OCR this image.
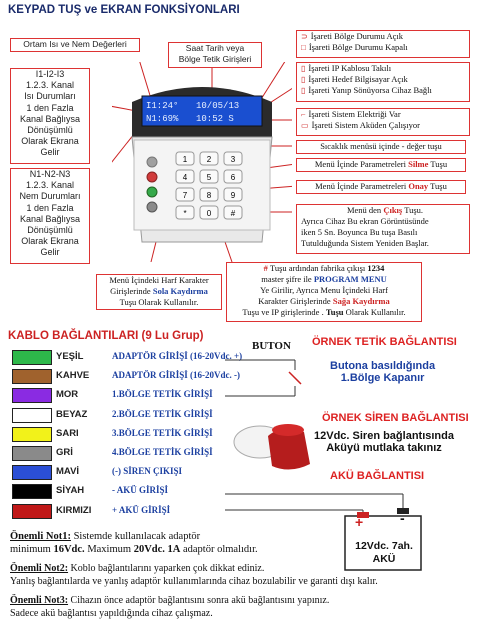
KEYPAD TUŞ ve EKRAN FONKSİYONLARI
Ortam Isı ve Nem Değerleri	Saat Tarih veya
Bölge Tetik Girişleri
I1-I2-I3
1.2.3. Kanal
Isı Durumları
1 den Fazla
Kanal Bağlıysa
Dönüşümlü
Olarak Ekrana
Gelir
N1-N2-N3
1.2.3. Kanal
Nem Durumları
1 den Fazla
Kanal Bağlıysa
Dönüşümlü
Olarak Ekrana
Gelir
⊃ İşareti Bölge Durumu Açık
□ İşareti Bölge Durumu Kapalı
▯ İşareti IP Kablosu Takılı
▯ İşareti Hedef Bilgisayar Açık
▯ İşareti Yanıp Sönüyorsa Cihaz Bağlı
⌐ İşareti Sistem Elektriği Var
▭ İşareti Sistem Aküden Çalışıyor
Sıcaklık menüsü içinde - değer tuşu
Menü İçinde Parametreleri Silme Tuşu
Menü İçinde Parametreleri Onay Tuşu
Menü den Çıkış Tuşu.
Ayrıca Cihaz Bu ekran Görüntüsünde
iken 5 Sn. Boyunca Bu tuşa Basılı
Tutulduğunda Sistem Yeniden Başlar.
Menü İçindeki Harf Karakter
Girişlerinde Sola Kaydırma
Tuşu Olarak Kullanılır.
# Tuşu ardından fabrika çıkışı 1234
master şifre ile PROGRAM MENU
Ye Girilir, Ayrıca Menu İçindeki Harf
Karakter Girişlerinde Sağa Kaydırma
Tuşu ve IP girişlerinde . Tuşu Olarak Kullanılır.
I1:24° 10/05/13
N1:69% 10:52 S
1 2 3
4 5 6
7 8 9
*	0 #
KABLO BAĞLANTILARI (9 Lu Grup)
YEŞİL	ADAPTÖR GİRİŞİ (16-20Vdc. +)
KAHVE	ADAPTÖR GİRİŞİ (16-20Vdc. -)
MOR	1.BÖLGE TETİK GİRİŞİ
BEYAZ	2.BÖLGE TETİK GİRİŞİ
SARI	3.BÖLGE TETİK GİRİŞİ
GRİ	4.BÖLGE TETİK GİRİŞİ
MAVİ	(-) SİREN ÇIKIŞI
SİYAH	- AKÜ GİRİŞİ
KIRMIZI + AKÜ GİRİŞİ
ÖRNEK TETİK BAĞLANTISI
BUTON
Butona basıldığında
1.Bölge Kapanır
ÖRNEK SİREN BAĞLANTISI
12Vdc. Siren bağlantısında
Aküyü mutlaka takınız
AKÜ BAĞLANTISI
+	-
12Vdc. 7ah.
AKÜ
Önemli Not1: Sistemde kullanılacak adaptör
minimum 16Vdc. Maximum 20Vdc. 1A adaptör olmalıdır.
Önemli Not2: Koblo bağlantılarını yaparken çok dikkat ediniz.
Yanlış bağlantılarda ve yanlış adaptör kullanımlarında cihaz bozulabilir ve garanti dışı kalır.
Önemli Not3: Cihazın önce adaptör bağlantısını sonra akü bağlantısını yapınız.
Sadece akü bağlantısı yapıldığında cihaz çalışmaz.
